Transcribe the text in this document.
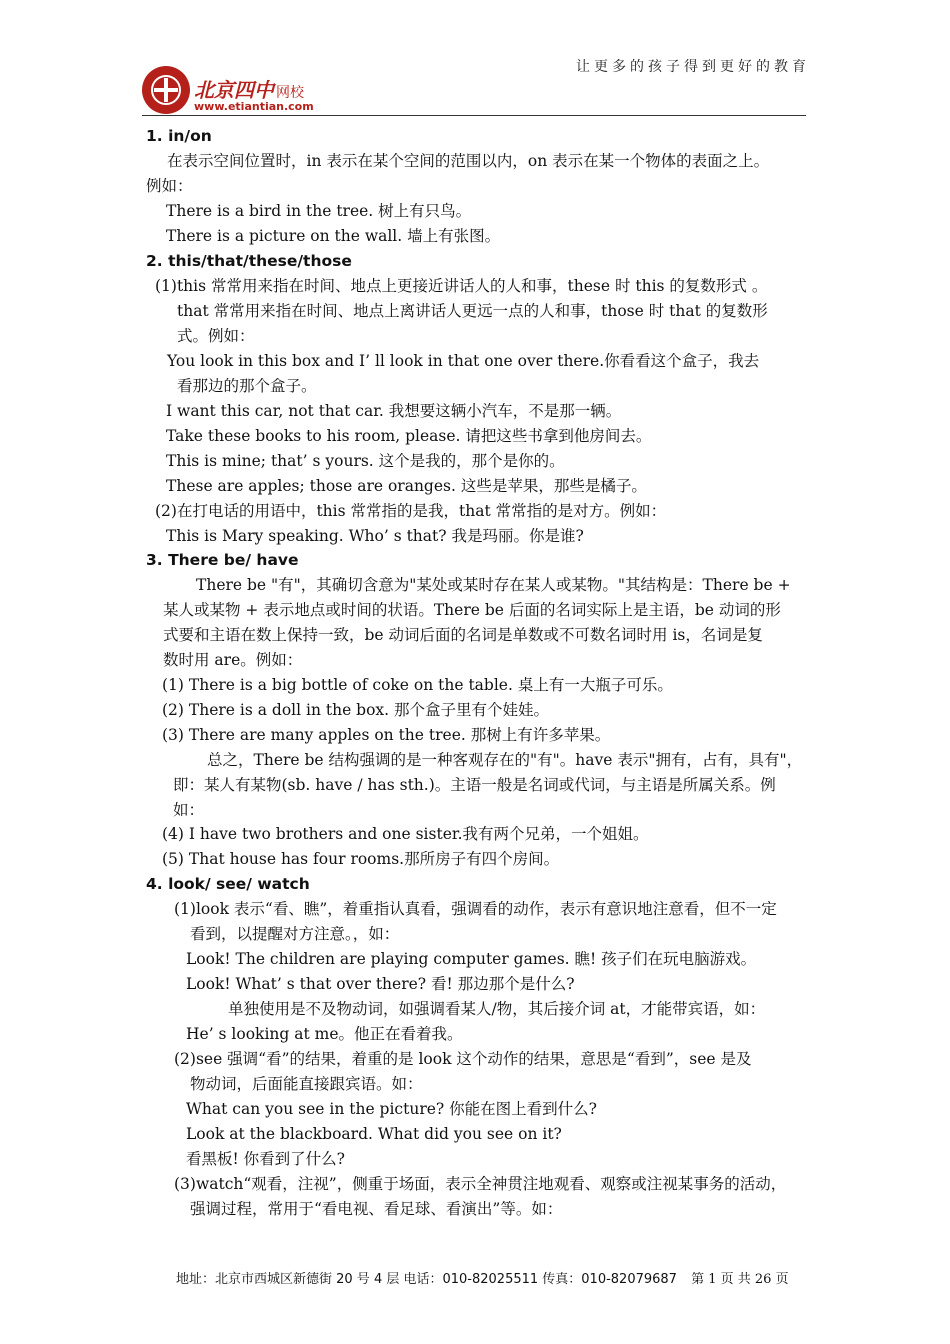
让更多的孩子得到更好的教育
北京四中 网校
www.etiantian.com
1. in/on
在表示空间位置时，in 表示在某个空间的范围以内，on 表示在某一个物体的表面之上。
例如：
There is a bird in the tree. 树上有只鸟。
There is a picture on the wall. 墙上有张图。
2. this/that/these/those
(1)this 常常用来指在时间、地点上更接近讲话人的人和事，these 时 this 的复数形式 。
that 常常用来指在时间、地点上离讲话人更远一点的人和事，those 时 that 的复数形
式。例如：
You look in this box and I’ ll look in that one over there.你看看这个盒子，我去
看那边的那个盒子。
I want this car, not that car. 我想要这辆小汽车，不是那一辆。
Take these books to his room, please. 请把这些书拿到他房间去。
This is mine; that’ s yours. 这个是我的，那个是你的。
These are apples; those are oranges. 这些是苹果，那些是橘子。
(2)在打电话的用语中，this 常常指的是我，that 常常指的是对方。例如：
This is Mary speaking. Who’ s that? 我是玛丽。你是谁?
3. There be/ have
There be "有"，其确切含意为"某处或某时存在某人或某物。"其结构是：There be +
某人或某物 + 表示地点或时间的状语。There be 后面的名词实际上是主语，be 动词的形
式要和主语在数上保持一致，be 动词后面的名词是单数或不可数名词时用 is，名词是复
数时用 are。例如：
(1) There is a big bottle of coke on the table. 桌上有一大瓶子可乐。
(2) There is a doll in the box. 那个盒子里有个娃娃。
(3) There are many apples on the tree. 那树上有许多苹果。
总之，There be 结构强调的是一种客观存在的"有"。have 表示"拥有，占有，具有"，
即：某人有某物(sb. have / has sth.)。主语一般是名词或代词，与主语是所属关系。例
如：
(4) I have two brothers and one sister.我有两个兄弟，一个姐姐。
(5) That house has four rooms.那所房子有四个房间。
4. look/ see/ watch
(1)look 表示“看、瞧”，着重指认真看，强调看的动作，表示有意识地注意看，但不一定
看到，以提醒对方注意。，如：
Look! The children are playing computer games. 瞧! 孩子们在玩电脑游戏。
Look! What’ s that over there? 看! 那边那个是什么?
单独使用是不及物动词，如强调看某人/物，其后接介词 at，才能带宾语，如：
He’ s looking at me。他正在看着我。
(2)see 强调“看”的结果，着重的是 look 这个动作的结果，意思是“看到”，see 是及
物动词，后面能直接跟宾语。如：
What can you see in the picture? 你能在图上看到什么?
Look at the blackboard. What did you see on it?
看黑板! 你看到了什么?
(3)watch“观看，注视”，侧重于场面，表示全神贯注地观看、观察或注视某事务的活动，
强调过程，常用于“看电视、看足球、看演出”等。如：
地址：北京市西城区新德街 20 号 4 层 电话：010-82025511 传真：010-82079687 第 1 页 共 26 页
